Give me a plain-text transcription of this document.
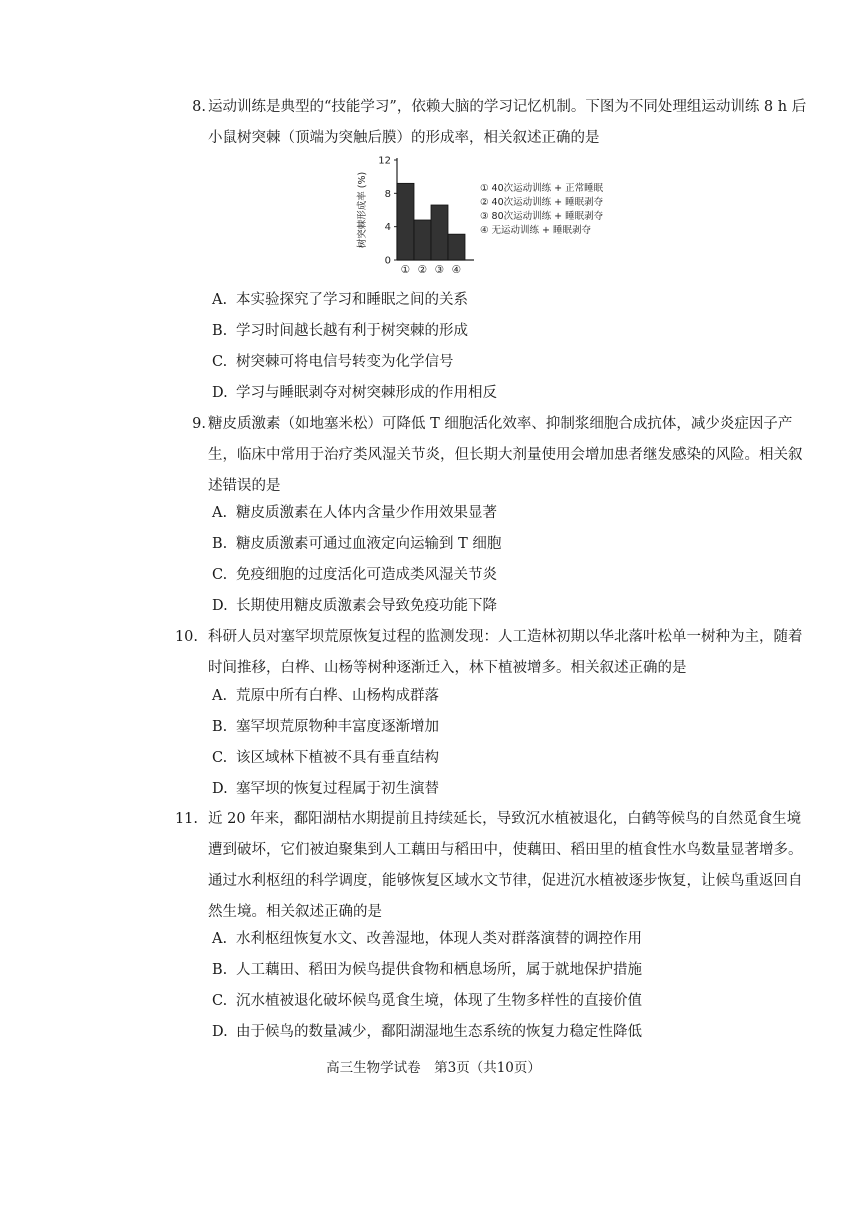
8. 运动训练是典型的“技能学习”，依赖大脑的学习记忆机制。下图为不同处理组运动训练 8 h 后小鼠树突棘（顶端为突触后膜）的形成率，相关叙述正确的是
树突棘形成率 (%)
0
4
8
12
① ② ③ ④
① 40次运动训练 + 正常睡眠
② 40次运动训练 + 睡眠剥夺
③ 80次运动训练 + 睡眠剥夺
④ 无运动训练 + 睡眠剥夺
A. 本实验探究了学习和睡眠之间的关系
B. 学习时间越长越有利于树突棘的形成
C. 树突棘可将电信号转变为化学信号
D. 学习与睡眠剥夺对树突棘形成的作用相反
9. 糖皮质激素（如地塞米松）可降低 T 细胞活化效率、抑制浆细胞合成抗体，减少炎症因子产生，临床中常用于治疗类风湿关节炎，但长期大剂量使用会增加患者继发感染的风险。相关叙述错误的是
A. 糖皮质激素在人体内含量少作用效果显著
B. 糖皮质激素可通过血液定向运输到 T 细胞
C. 免疫细胞的过度活化可造成类风湿关节炎
D. 长期使用糖皮质激素会导致免疫功能下降
10. 科研人员对塞罕坝荒原恢复过程的监测发现：人工造林初期以华北落叶松单一树种为主，随着时间推移，白桦、山杨等树种逐渐迁入，林下植被增多。相关叙述正确的是
A. 荒原中所有白桦、山杨构成群落
B. 塞罕坝荒原物种丰富度逐渐增加
C. 该区域林下植被不具有垂直结构
D. 塞罕坝的恢复过程属于初生演替
11. 近 20 年来，鄱阳湖枯水期提前且持续延长，导致沉水植被退化，白鹤等候鸟的自然觅食生境遭到破坏，它们被迫聚集到人工藕田与稻田中，使藕田、稻田里的植食性水鸟数量显著增多。通过水利枢纽的科学调度，能够恢复区域水文节律，促进沉水植被逐步恢复，让候鸟重返回自然生境。相关叙述正确的是
A. 水利枢纽恢复水文、改善湿地，体现人类对群落演替的调控作用
B. 人工藕田、稻田为候鸟提供食物和栖息场所，属于就地保护措施
C. 沉水植被退化破坏候鸟觅食生境，体现了生物多样性的直接价值
D. 由于候鸟的数量减少，鄱阳湖湿地生态系统的恢复力稳定性降低
高三生物学试卷　第3页（共10页）
